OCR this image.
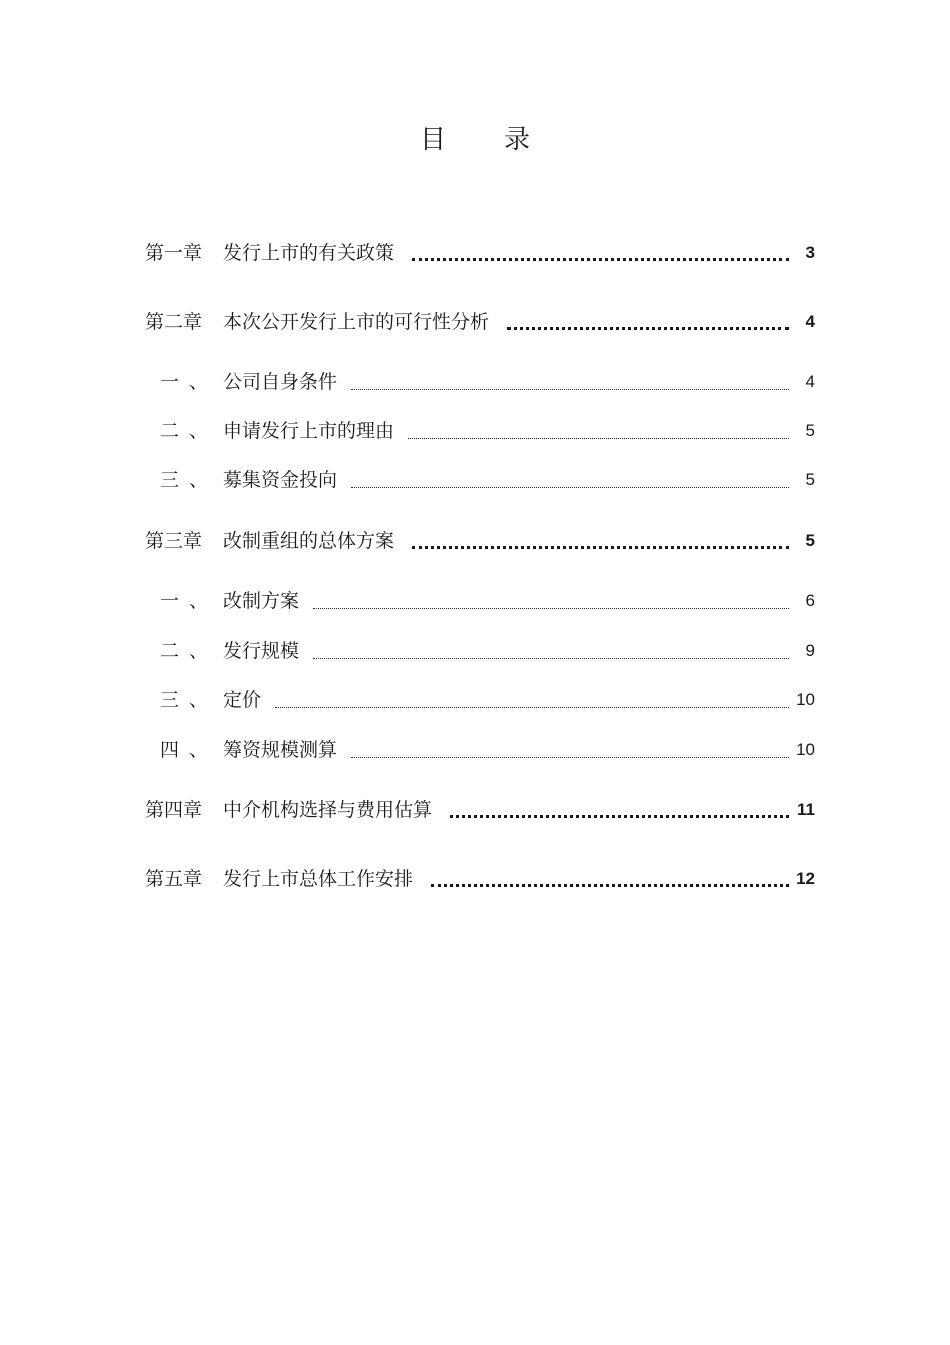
目录
第一章	发行上市的有关政策	3
第二章	本次公开发行上市的可行性分析	4
一、 公司自身条件	4
二、 申请发行上市的理由	5
三、 募集资金投向	5
第三章	改制重组的总体方案	5
一、 改制方案	6
二、 发行规模	9
三、 定价	10
四、 筹资规模测算	10
第四章	中介机构选择与费用估算	11
第五章	发行上市总体工作安排	12
